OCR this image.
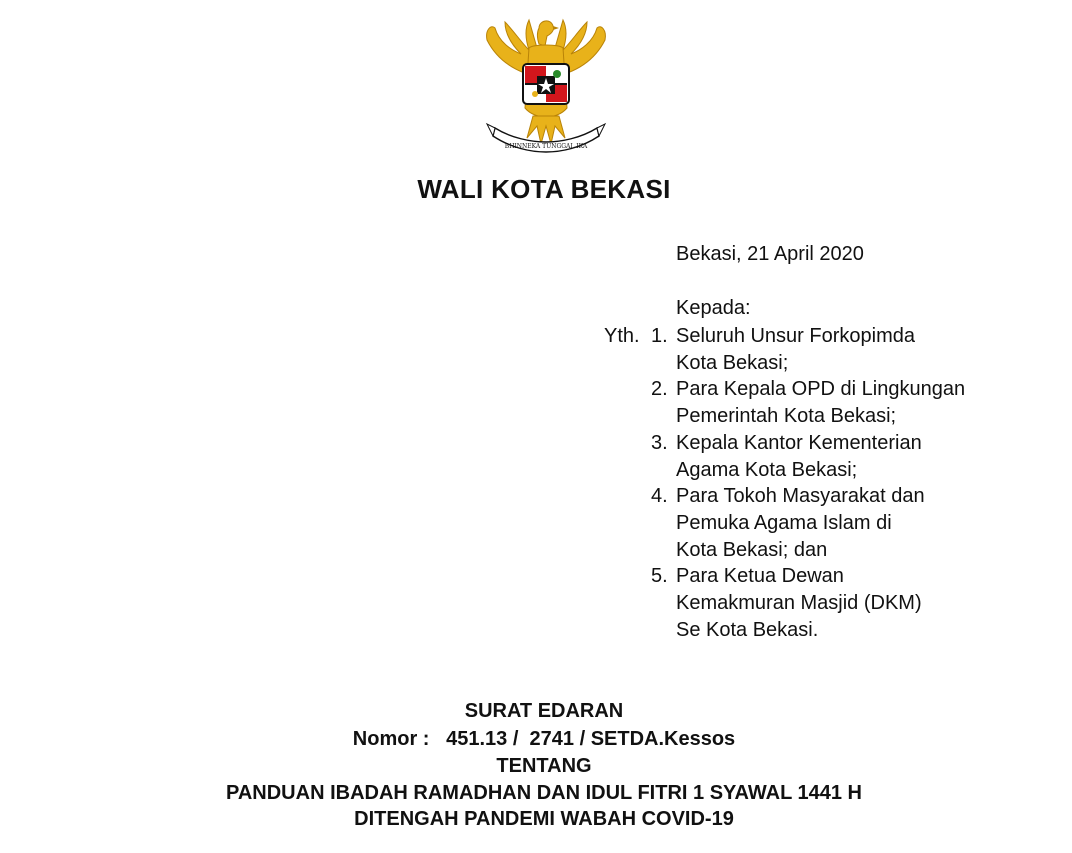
BHINNEKA TUNGGAL IKA
WALI KOTA BEKASI
Bekasi, 21 April 2020
Kepada:
Yth. 1. Seluruh Unsur Forkopimda
Kota Bekasi;
2. Para Kepala OPD di Lingkungan
Pemerintah Kota Bekasi;
3. Kepala Kantor Kementerian
Agama Kota Bekasi;
4. Para Tokoh Masyarakat dan
Pemuka Agama Islam di
Kota Bekasi; dan
5. Para Ketua Dewan
Kemakmuran Masjid (DKM)
Se Kota Bekasi.
SURAT EDARAN
Nomor :   451.13 /  2741 / SETDA.Kessos
TENTANG
PANDUAN IBADAH RAMADHAN DAN IDUL FITRI 1 SYAWAL 1441 H
DITENGAH PANDEMI WABAH COVID-19
